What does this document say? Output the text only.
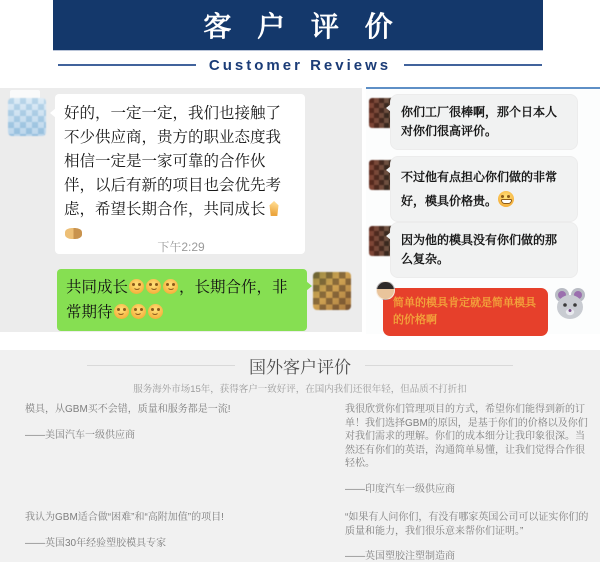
客 户 评 价
Customer Reviews
好的，一定一定，我们也接触了不少供应商，贵方的职业态度我相信一定是一家可靠的合作伙伴，以后有新的项目也会优先考虑，希望长期合作，共同成长
下午2:29
共同成长	，长期合作，非常期待
你们工厂很棒啊，那个日本人对你们很高评价。
不过他有点担心你们做的非常好，模具价格贵。
因为他的模具没有你们做的那么复杂。
简单的模具肯定就是简单模具的价格啊
国外客户评价
服务海外市场15年，获得客户一致好评，在国内我们还很年轻，但品质不打折扣
模具，从GBM买不会错，质量和服务都是一流!
——美国汽车一级供应商
我很欣赏你们管理项目的方式，希望你们能得到新的订单！我们选择GBM的原因，是基于你们的价格以及你们对我们需求的理解。你们的成本细分让我印象很深。当然还有你们的英语，沟通简单易懂，让我们觉得合作很轻松。
——印度汽车一级供应商
我认为GBM适合做“困难”和“高附加值”的项目!
——英国30年经验塑胶模具专家
“如果有人问你们，有没有哪家英国公司可以证实你们的质量和能力，我们很乐意来帮你们证明。”
——英国塑胶注塑制造商
